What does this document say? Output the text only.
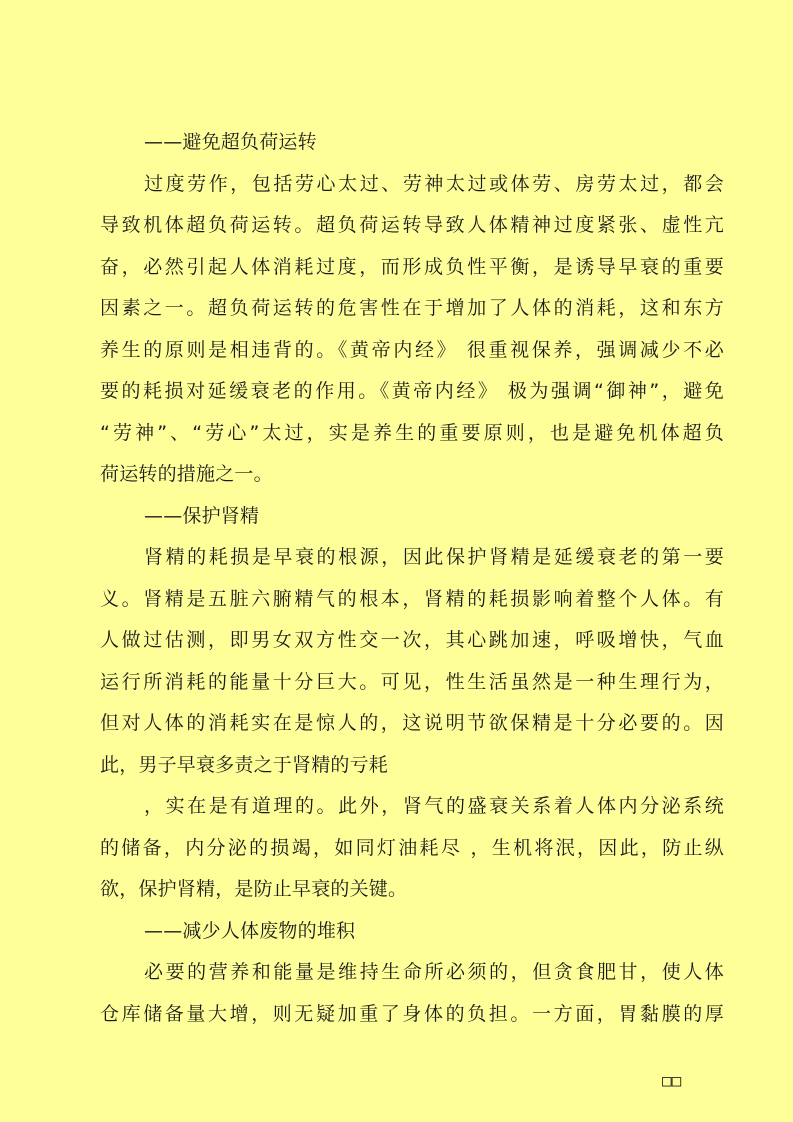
——避免超负荷运转
过度劳作，包括劳心太过、劳神太过或体劳、房劳太过，都会
导致机体超负荷运转。超负荷运转导致人体精神过度紧张、虚性亢
奋，必然引起人体消耗过度，而形成负性平衡，是诱导早衰的重要
因素之一。超负荷运转的危害性在于增加了人体的消耗，这和东方
养生的原则是相违背的。《黄帝内经》 很重视保养，强调减少不必
要的耗损对延缓衰老的作用。《黄帝内经》 极为强调“御神”，避免
“劳神”、“劳心”太过，实是养生的重要原则，也是避免机体超负
荷运转的措施之一。
——保护肾精
肾精的耗损是早衰的根源，因此保护肾精是延缓衰老的第一要
义。肾精是五脏六腑精气的根本，肾精的耗损影响着整个人体。有
人做过估测，即男女双方性交一次，其心跳加速，呼吸增快，气血
运行所消耗的能量十分巨大。可见，性生活虽然是一种生理行为，
但对人体的消耗实在是惊人的，这说明节欲保精是十分必要的。因
此，男子早衰多责之于肾精的亏耗
，实在是有道理的。此外，肾气的盛衰关系着人体内分泌系统
的储备，内分泌的损竭，如同灯油耗尽 ，生机将泯，因此，防止纵
欲，保护肾精，是防止早衰的关键。
——减少人体废物的堆积
必要的营养和能量是维持生命所必须的，但贪食肥甘，使人体
仓库储备量大增，则无疑加重了身体的负担。一方面，胃黏膜的厚
□□
